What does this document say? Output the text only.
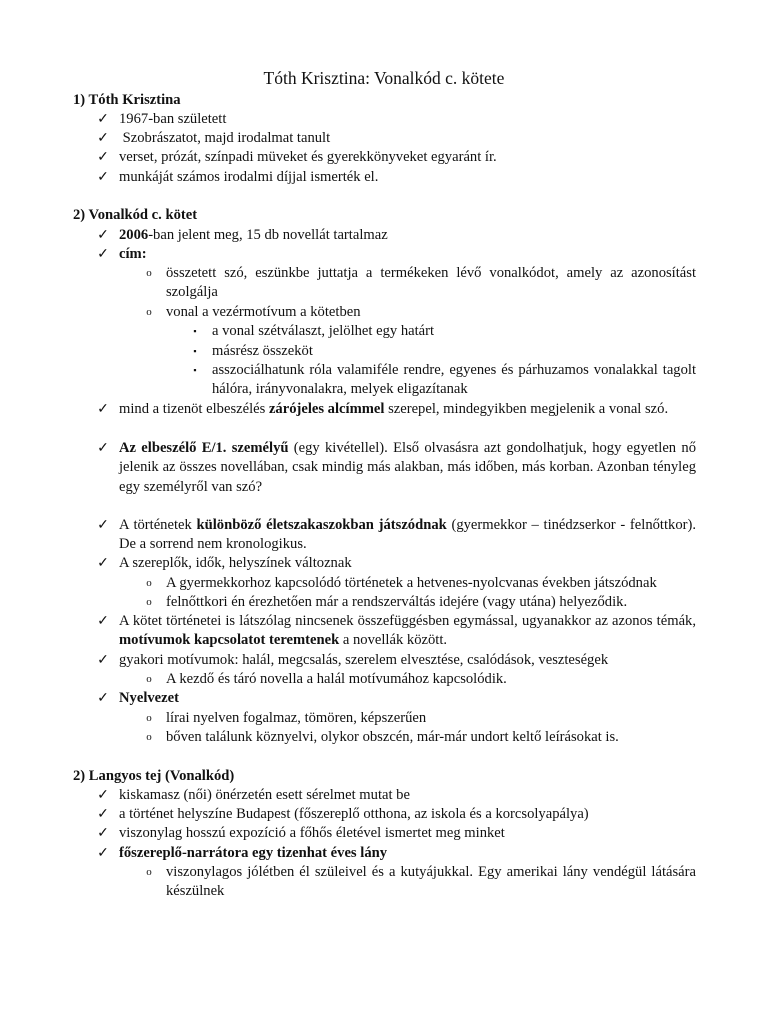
Tóth Krisztina: Vonalkód c. kötete
1) Tóth Krisztina
✓ 1967-ban született
✓ Szobrászatot, majd irodalmat tanult
✓ verset, prózát, színpadi müveket és gyerekkönyveket egyaránt ír.
✓ munkáját számos irodalmi díjjal ismerték el.
2) Vonalkód c. kötet
✓ 2006-ban jelent meg, 15 db novellát tartalmaz
✓ cím:
o összetett szó, eszünkbe juttatja a termékeken lévő vonalkódot, amely az azonosítást szolgálja
o vonal a vezérmotívum a kötetben
▪	a vonal szétválaszt, jelölhet egy határt
▪	másrész összeköt
▪	asszociálhatunk róla valamiféle rendre, egyenes és párhuzamos vonalakkal tagolt hálóra, irányvonalakra, melyek eligazítanak
✓ mind a tizenöt elbeszélés zárójeles alcímmel szerepel, mindegyikben megjelenik a vonal szó.
✓ Az elbeszélő E/1. személyű (egy kivétellel). Első olvasásra azt gondolhatjuk, hogy egyetlen nő jelenik az összes novellában, csak mindig más alakban, más időben, más korban. Azonban tényleg egy személyről van szó?
✓ A történetek különböző életszakaszokban játszódnak (gyermekkor – tinédzserkor - felnőttkor). De a sorrend nem kronologikus.
✓ A szereplők, idők, helyszínek változnak
o A gyermekkorhoz kapcsolódó történetek a hetvenes-nyolcvanas években játszódnak
o felnőttkori én érezhetően már a rendszerváltás idejére (vagy utána) helyeződik.
✓ A kötet történetei is látszólag nincsenek összefüggésben egymással, ugyanakkor az azonos témák, motívumok kapcsolatot teremtenek a novellák között.
✓ gyakori motívumok: halál, megcsalás, szerelem elvesztése, csalódások, veszteségek
o A kezdő és táró novella a halál motívumához kapcsolódik.
✓ Nyelvezet
o lírai nyelven fogalmaz, tömören, képszerűen
o bőven találunk köznyelvi, olykor obszcén, már-már undort keltő leírásokat is.
2) Langyos tej (Vonalkód)
✓ kiskamasz (női) önérzetén esett sérelmet mutat be
✓ a történet helyszíne Budapest (főszereplő otthona, az iskola és a korcsolyapálya)
✓ viszonylag hosszú expozíció a főhős életével ismertet meg minket
✓ főszereplő-narrátora egy tizenhat éves lány
o viszonylagos jólétben él szüleivel és a kutyájukkal. Egy amerikai lány vendégül látására készülnek
